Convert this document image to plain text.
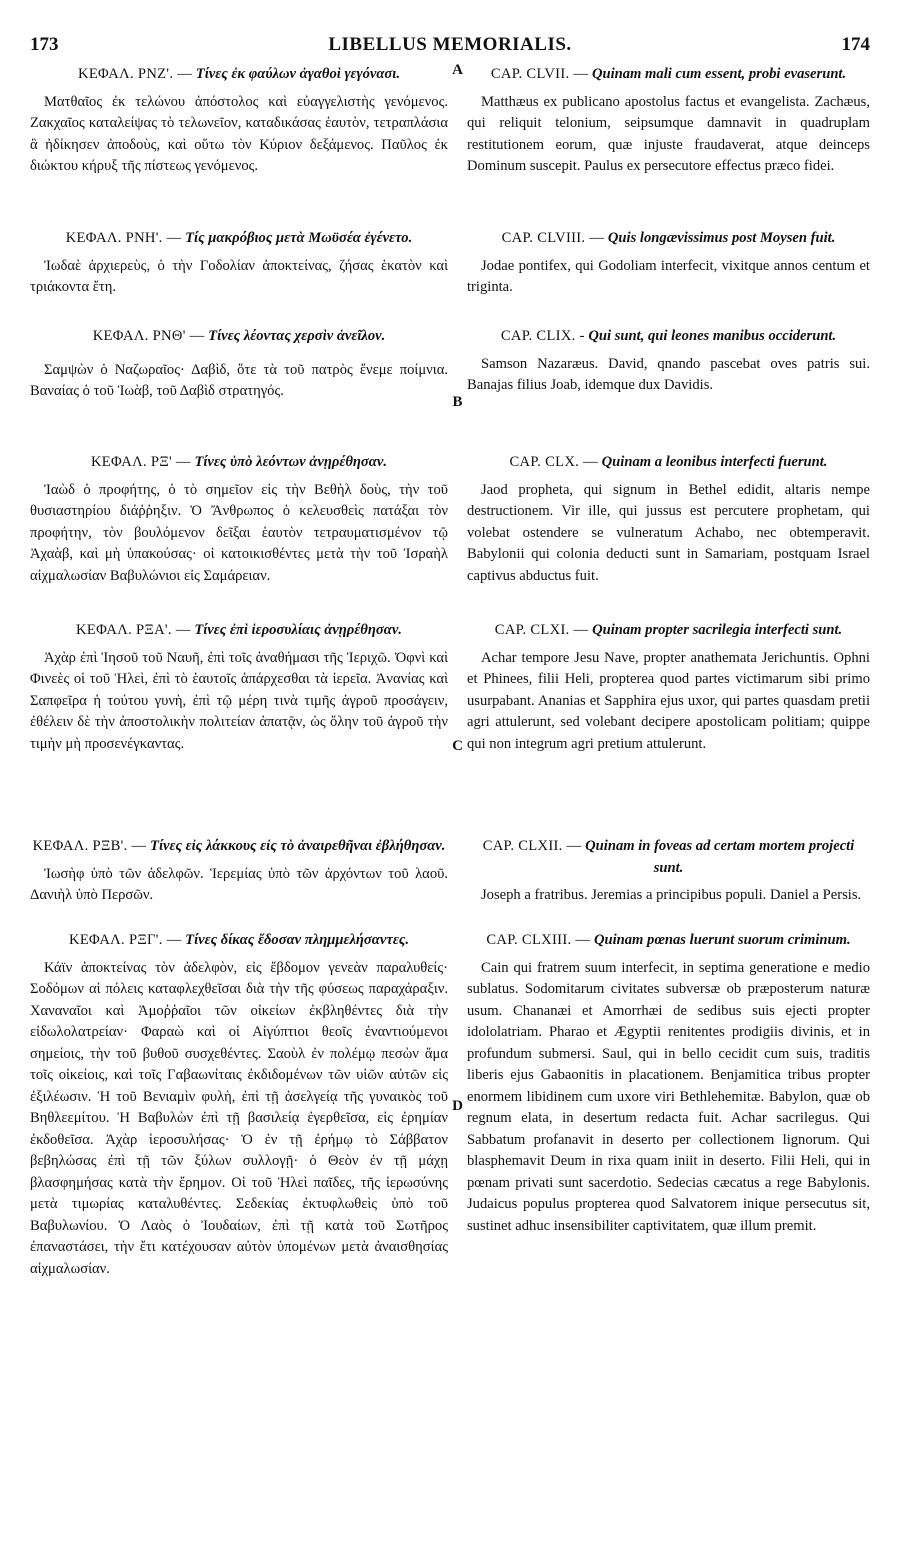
173	LIBELLUS MEMORIALIS.	174
A
B
C
D
ΚΕΦΑΛ. ΡΝΖ'. — Τίνες ἐκ φαύλων ἀγαθοὶ γεγόνασι.
Ματθαῖος ἐκ τελώνου ἀπόστολος καὶ εὐαγγελιστὴς γενόμενος. Ζακχαῖος καταλείψας τὸ τελωνεῖον, καταδικάσας ἑαυτὸν, τετραπλάσια ἃ ἠδίκησεν ἀποδοὺς, καὶ οὕτω τὸν Κύριον δεξάμενος. Παῦλος ἐκ διώκτου κήρυξ τῆς πίστεως γενόμενος.
ΚΕΦΑΛ. ΡΝΗ'. — Τίς μακρόβιος μετὰ Μωϋσέα ἐγένετο.
Ἰωδαὲ ἀρχιερεὺς, ὁ τὴν Γοδολίαν ἀποκτείνας, ζήσας ἑκατὸν καὶ τριάκοντα ἔτη.
ΚΕΦΑΛ. ΡΝΘ' — Τίνες λέοντας χερσὶν ἀνεῖλον.
Σαμψὼν ὁ Ναζωραῖος· Δαβὶδ, ὅτε τὰ τοῦ πατρὸς ἔνεμε ποίμνια. Βαναίας ὁ τοῦ Ἰωὰβ, τοῦ Δαβὶδ στρατηγός.
ΚΕΦΑΛ. ΡΞ' — Τίνες ὑπὸ λεόντων ἀνῃρέθησαν.
Ἰαὼδ ὁ προφήτης, ὁ τὸ σημεῖον εἰς τὴν Βεθὴλ δοὺς, τὴν τοῦ θυσιαστηρίου διάῤῥηξιν. Ὁ Ἄνθρωπος ὁ κελευσθεὶς πατάξαι τὸν προφήτην, τὸν βουλόμενον δεῖξαι ἑαυτὸν τετραυματισμένον τῷ Ἀχαὰβ, καὶ μὴ ὑπακούσας· οἱ κατοικισθέντες μετὰ τὴν τοῦ Ἰσραὴλ αἰχμαλωσίαν Βαβυλώνιοι εἰς Σαμάρειαν.
ΚΕΦΑΛ. ΡΞΑ'. — Τίνες ἐπὶ ἱεροσυλίαις ἀνῃρέθησαν.
Ἀχὰρ ἐπὶ Ἰησοῦ τοῦ Ναυῆ, ἐπὶ τοῖς ἀναθήμασι τῆς Ἰεριχῶ. Ὀφνὶ καὶ Φινεὲς οἱ τοῦ Ἡλεὶ, ἐπὶ τὸ ἑαυτοῖς ἀπάρχεσθαι τὰ ἱερεῖα. Ἀνανίας καὶ Σαπφεῖρα ἡ τούτου γυνὴ, ἐπὶ τῷ μέρη τινὰ τιμῆς ἀγροῦ προσάγειν, ἐθέλειν δὲ τὴν ἀποστολικὴν πολιτείαν ἀπατᾷν, ὡς ὅλην τοῦ ἀγροῦ τὴν τιμὴν μὴ προσενέγκαντας.
ΚΕΦΑΛ. ΡΞΒ'. — Τίνες εἰς λάκκους εἰς τὸ ἀναιρεθῆναι ἐβλήθησαν.
Ἰωσὴφ ὑπὸ τῶν ἀδελφῶν. Ἱερεμίας ὑπὸ τῶν ἀρχόντων τοῦ λαοῦ. Δανιὴλ ὑπὸ Περσῶν.
ΚΕΦΑΛ. ΡΞΓ'. — Τίνες δίκας ἔδοσαν πλημμελήσαντες.
Κάϊν ἀποκτείνας τὸν ἀδελφὸν, εἰς ἕβδομον γενεὰν παραλυθείς· Σοδόμων αἱ πόλεις καταφλεχθεῖσαι διὰ τὴν τῆς φύσεως παραχάραξιν. Χαναναῖοι καὶ Ἀμοῤῥαῖοι τῶν οἰκείων ἐκβληθέντες διὰ τὴν εἰδωλολατρείαν· Φαραὼ καὶ οἱ Αἰγύπτιοι θεοῖς ἐναντιούμενοι σημείοις, τὴν τοῦ βυθοῦ συσχεθέντες. Σαοὺλ ἐν πολέμῳ πεσὼν ἅμα τοῖς οἰκείοις, καὶ τοῖς Γαβαωνίταις ἐκδιδομένων τῶν υἱῶν αὐτῶν εἰς ἐξιλέωσιν. Ἡ τοῦ Βενιαμὶν φυλὴ, ἐπὶ τῇ ἀσελγείᾳ τῆς γυναικὸς τοῦ Βηθλεεμίτου. Ἡ Βαβυλὼν ἐπὶ τῇ βασιλείᾳ ἐγερθεῖσα, εἰς ἐρημίαν ἐκδοθεῖσα. Ἀχὰρ ἱεροσυλήσας· Ὁ ἐν τῇ ἐρήμῳ τὸ Σάββατον βεβηλώσας ἐπὶ τῇ τῶν ξύλων συλλογῇ· ὁ Θεὸν ἐν τῇ μάχῃ βλασφημήσας κατὰ τὴν ἔρημον. Οἱ τοῦ Ἡλεὶ παῖδες, τῆς ἱερωσύνης μετὰ τιμωρίας καταλυθέντες. Σεδεκίας ἐκτυφλωθεὶς ὑπὸ τοῦ Βαβυλωνίου. Ὁ Λαὸς ὁ Ἰουδαίων, ἐπὶ τῇ κατὰ τοῦ Σωτῆρος ἐπαναστάσει, τὴν ἔτι κατέχουσαν αὐτὸν ὑπομένων μετὰ ἀναισθησίας αἰχμαλωσίαν.
CAP. CLVII. — Quinam mali cum essent, probi evaserunt.
Matthæus ex publicano apostolus factus et evangelista. Zachæus, qui reliquit telonium, seipsumque damnavit in quadruplam restitutionem eorum, quæ injuste fraudaverat, atque deinceps Dominum suscepit. Paulus ex persecutore effectus præco fidei.
CAP. CLVIII. — Quis longævissimus post Moysen fuit.
Jodae pontifex, qui Godoliam interfecit, vixitque annos centum et triginta.
CAP. CLIX. - Qui sunt, qui leones manibus occiderunt.
Samson Nazaræus. David, qnando pascebat oves patris sui. Banajas filius Joab, idemque dux Davidis.
CAP. CLX. — Quinam a leonibus interfecti fuerunt.
Jaod propheta, qui signum in Bethel edidit, altaris nempe destructionem. Vir ille, qui jussus est percutere prophetam, qui volebat ostendere se vulneratum Achabo, nec obtemperavit. Babylonii qui colonia deducti sunt in Samariam, postquam Israel captivus abductus fuit.
CAP. CLXI. — Quinam propter sacrilegia interfecti sunt.
Achar tempore Jesu Nave, propter anathemata Jerichuntis. Ophni et Phinees, filii Heli, propterea quod partes victimarum sibi primo usurpabant. Ananias et Sapphira ejus uxor, qui partes quasdam pretii agri attulerunt, sed volebant decipere apostolicam politiam; quippe qui non integrum agri pretium attulerunt.
CAP. CLXII. — Quinam in foveas ad certam mortem projecti sunt.
Joseph a fratribus. Jeremias a principibus populi. Daniel a Persis.
CAP. CLXIII. — Quinam pœnas luerunt suorum criminum.
Cain qui fratrem suum interfecit, in septima generatione e medio sublatus. Sodomitarum civitates subversæ ob præposterum naturæ usum. Chananæi et Amorrhæi de sedibus suis ejecti propter idololatriam. Pharao et Ægyptii renitentes prodigiis divinis, et in profundum submersi. Saul, qui in bello cecidit cum suis, traditis liberis ejus Gabaonitis in placationem. Benjamitica tribus propter enormem libidinem cum uxore viri Bethlehemitæ. Babylon, quæ ob regnum elata, in desertum redacta fuit. Achar sacrilegus. Qui Sabbatum profanavit in deserto per collectionem lignorum. Qui blasphemavit Deum in rixa quam iniit in deserto. Filii Heli, qui in pœnam privati sunt sacerdotio. Sedecias cæcatus a rege Babylonis. Judaicus populus propterea quod Salvatorem inique persecutus sit, sustinet adhuc insensibiliter captivitatem, quæ illum premit.
